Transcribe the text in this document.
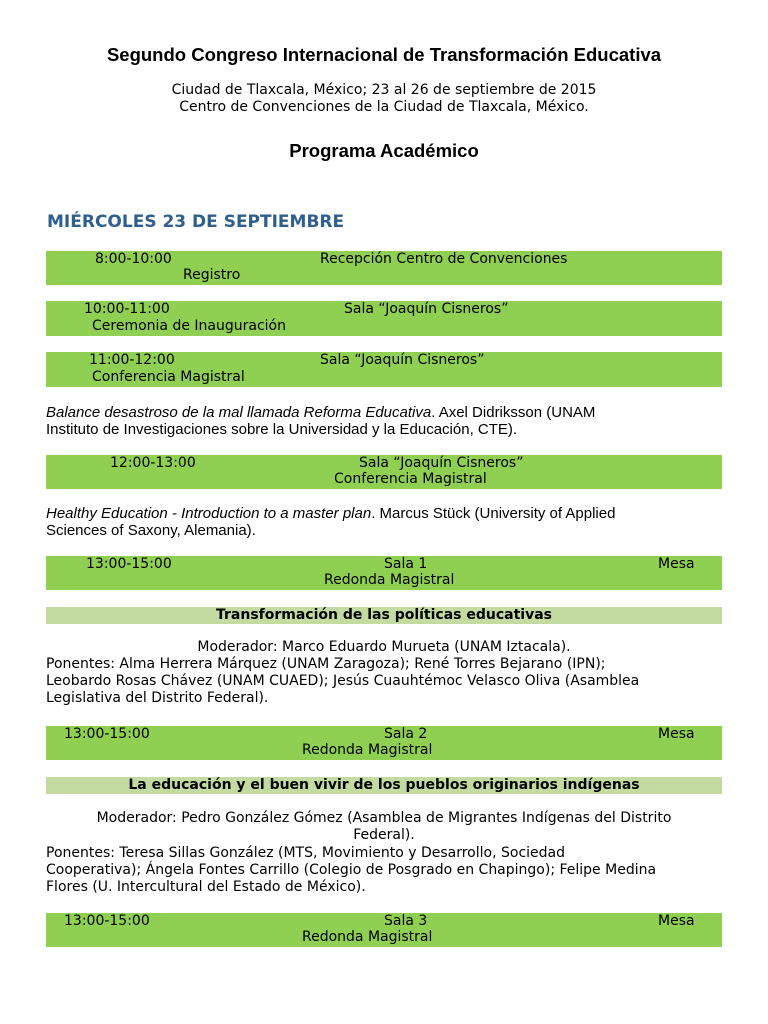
Segundo Congreso Internacional de Transformación Educativa
Ciudad de Tlaxcala, México; 23 al 26 de septiembre de 2015
Centro de Convenciones de la Ciudad de Tlaxcala, México.
Programa Académico
MIÉRCOLES 23 DE SEPTIEMBRE
8:00-10:00	Recepción Centro de Convenciones
Registro
10:00-11:00	Sala “Joaquín Cisneros”
Ceremonia de Inauguración
11:00-12:00	Sala “Joaquín Cisneros”
Conferencia Magistral
Balance desastroso de la mal llamada Reforma Educativa. Axel Didriksson (UNAM
Instituto de Investigaciones sobre la Universidad y la Educación, CTE).
12:00-13:00	Sala “Joaquín Cisneros”
Conferencia Magistral
Healthy Education - Introduction to a master plan. Marcus Stück (University of Applied
Sciences of Saxony, Alemania).
13:00-15:00	Sala 1	Mesa
Redonda Magistral
Transformación de las políticas educativas
Moderador: Marco Eduardo Murueta (UNAM Iztacala).
Ponentes: Alma Herrera Márquez (UNAM Zaragoza); René Torres Bejarano (IPN);
Leobardo Rosas Chávez (UNAM CUAED); Jesús Cuauhtémoc Velasco Oliva (Asamblea
Legislativa del Distrito Federal).
13:00-15:00	Sala 2	Mesa
Redonda Magistral
La educación y el buen vivir de los pueblos originarios indígenas
Moderador: Pedro González Gómez (Asamblea de Migrantes Indígenas del Distrito
Federal).
Ponentes: Teresa Sillas González (MTS, Movimiento y Desarrollo, Sociedad
Cooperativa); Ángela Fontes Carrillo (Colegio de Posgrado en Chapingo); Felipe Medina
Flores (U. Intercultural del Estado de México).
13:00-15:00	Sala 3	Mesa
Redonda Magistral
